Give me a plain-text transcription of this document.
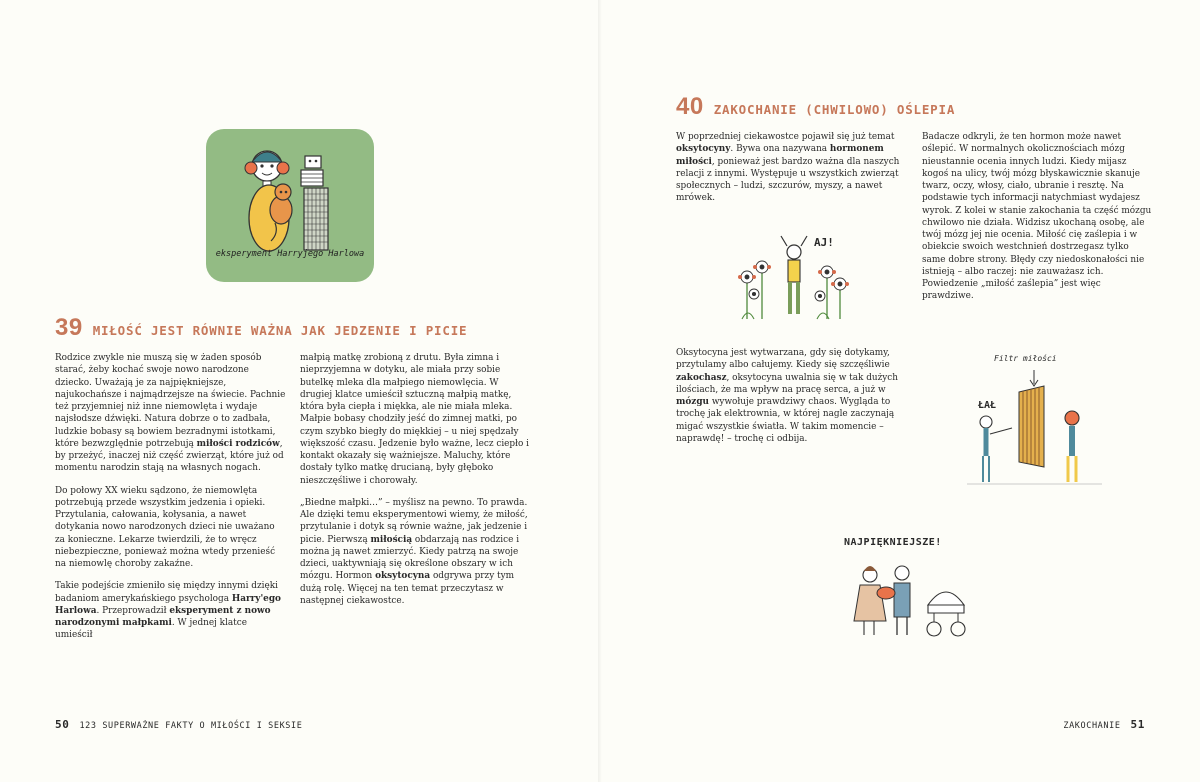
eksperyment Harryjego Harlowa
39 MIŁOŚĆ JEST RÓWNIE WAŻNA JAK JEDZENIE I PICIE

Rodzice zwykle nie muszą się w żaden sposób starać, żeby kochać swoje nowo narodzone dziecko. Uważają je za najpiękniejsze, najukochańsze i najmądrzejsze na świecie. Pachnie też przyjemniej niż inne niemowlęta i wydaje najsłodsze dźwięki. Natura dobrze o to zadbała, ludzkie bobasy są bowiem bezradnymi istotkami, które bezwzględnie potrzebują miłości rodziców, by przeżyć, inaczej niż część zwierząt, które już od momentu narodzin stają na własnych nogach.

Do połowy XX wieku sądzono, że niemowlęta potrzebują przede wszystkim jedzenia i opieki. Przytulania, całowania, kołysania, a nawet dotykania nowo narodzonych dzieci nie uważano za konieczne. Lekarze twierdzili, że to wręcz niebezpieczne, ponieważ można wtedy przenieść na niemowlę choroby zakaźne.

Takie podejście zmieniło się między innymi dzięki badaniom amerykańskiego psychologa Harry'ego Harlowa. Przeprowadził eksperyment z nowo narodzonymi małpkami. W jednej klatce umieścił

małpią matkę zrobioną z drutu. Była zimna i nieprzyjemna w dotyku, ale miała przy sobie butelkę mleka dla małpiego niemowlęcia. W drugiej klatce umieścił sztuczną małpią matkę, która była ciepła i miękka, ale nie miała mleka. Małpie bobasy chodziły jeść do zimnej matki, po czym szybko biegły do miękkiej – u niej spędzały większość czasu. Jedzenie było ważne, lecz ciepło i kontakt okazały się ważniejsze. Maluchy, które dostały tylko matkę drucianą, były głęboko nieszczęśliwe i chorowały.

„Biedne małpki…” – myślisz na pewno. To prawda. Ale dzięki temu eksperymentowi wiemy, że miłość, przytulanie i dotyk są równie ważne, jak jedzenie i picie. Pierwszą miłością obdarzają nas rodzice i można ją nawet zmierzyć. Kiedy patrzą na swoje dzieci, uaktywniają się określone obszary w ich mózgu. Hormon oksytocyna odgrywa przy tym dużą rolę. Więcej na ten temat przeczytasz w następnej ciekawostce.

50 123 SUPERWAŻNE FAKTY O MIŁOŚCI I SEKSIE
40 ZAKOCHANIE (CHWILOWO) OŚLEPIA

W poprzedniej ciekawostce pojawił się już temat oksytocyny. Bywa ona nazywana hormonem miłości, ponieważ jest bardzo ważna dla naszych relacji z innymi. Występuje u wszystkich zwierząt społecznych – ludzi, szczurów, myszy, a nawet mrówek.

AJ!

Badacze odkryli, że ten hormon może nawet oślepić. W normalnych okolicznościach mózg nieustannie ocenia innych ludzi. Kiedy mijasz kogoś na ulicy, twój mózg błyskawicznie skanuje twarz, oczy, włosy, ciało, ubranie i resztę. Na podstawie tych informacji natychmiast wydajesz wyrok. Z kolei w stanie zakochania ta część mózgu chwilowo nie działa. Widzisz ukochaną osobę, ale twój mózg jej nie ocenia. Miłość cię zaślepia i w obiekcie swoich westchnień dostrzegasz tylko same dobre strony. Błędy czy niedoskonałości nie istnieją – albo raczej: nie zauważasz ich. Powiedzenie „miłość zaślepia” jest więc prawdziwe.

Oksytocyna jest wytwarzana, gdy się dotykamy, przytulamy albo całujemy. Kiedy się szczęśliwie zakochasz, oksytocyna uwalnia się w tak dużych ilościach, że ma wpływ na pracę serca, a już w mózgu wywołuje prawdziwy chaos. Wygląda to trochę jak elektrownia, w której nagle zaczynają migać wszystkie światła. W takim momencie – naprawdę! – trochę ci odbija.

Filtr miłości
ŁAŁ
NAJPIĘKNIEJSZE!
ZAKOCHANIE 51
